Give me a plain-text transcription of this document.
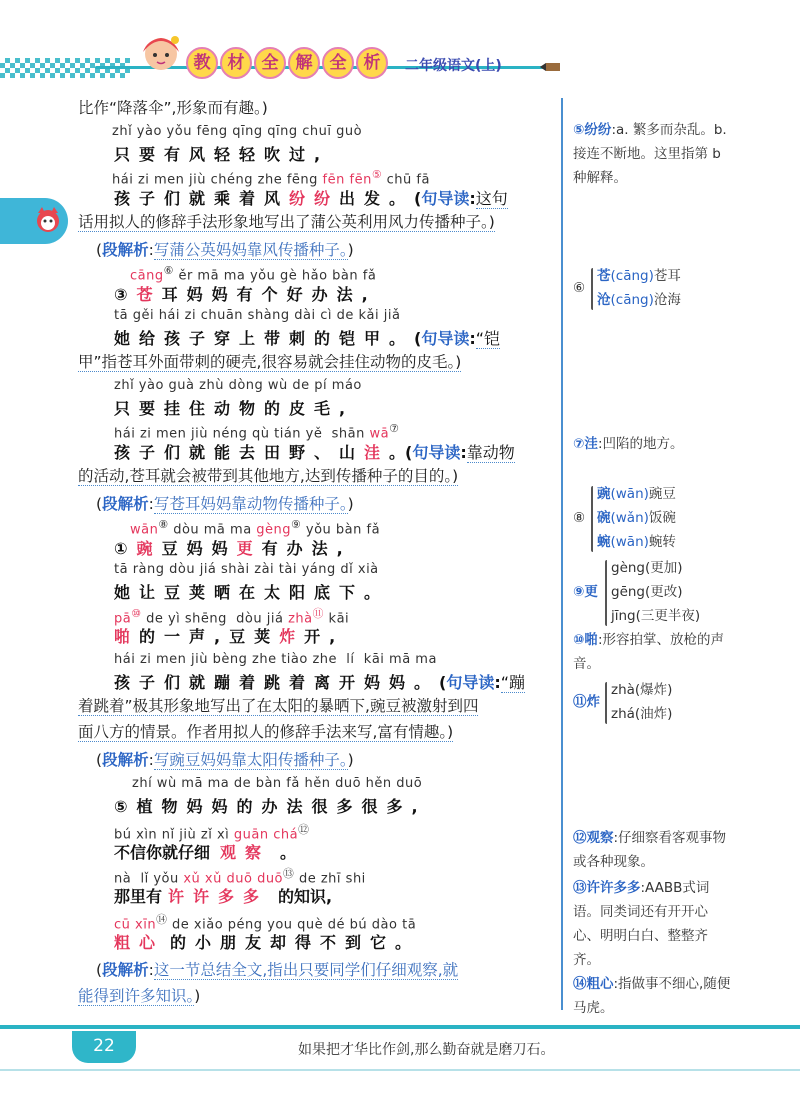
教	材	全	解	全	析	二年级语文(上)
比作“降落伞”,形象而有趣。)
zhǐ yào yǒu fēng qīng qīng chuī guò
只要有风轻轻吹过,
hái zi men jiù chéng zhe fēng fēn fēn⑤ chū fā
孩子们就乘着风纷纷出发。(句导读:这句
话用拟人的修辞手法形象地写出了蒲公英利用风力传播种子。)
(段解析:写蒲公英妈妈靠风传播种子。)
cāng⑥ ěr mā ma yǒu gè hǎo bàn fǎ
③苍耳妈妈有个好办法,
tā gěi hái zi chuān shàng dài cì de kǎi jiǎ
她给孩子穿上带刺的铠甲。(句导读:“铠
甲”指苍耳外面带刺的硬壳,很容易就会挂住动物的皮毛。)
zhǐ yào guà zhù dòng wù de pí máo
只要挂住动物的皮毛,
hái zi men jiù néng qù tián yě  shān wā⑦
孩子们就能去田野、山洼。(句导读:靠动物
的活动,苍耳就会被带到其他地方,达到传播种子的目的。)
(段解析:写苍耳妈妈靠动物传播种子。)
wān⑧ dòu mā ma gèng⑨ yǒu bàn fǎ
①豌豆妈妈更有办法,
tā ràng dòu jiá shài zài tài yáng dǐ xià
她让豆荚晒在太阳底下。
pā⑩ de yì shēng  dòu jiá zhà⑪ kāi
啪的一声,豆荚炸开,
hái zi men jiù bèng zhe tiào zhe  lí  kāi mā ma
孩子们就蹦着跳着离开妈妈。(句导读:“蹦
着跳着”极其形象地写出了在太阳的暴晒下,豌豆被激射到四
面八方的情景。作者用拟人的修辞手法来写,富有情趣。)
(段解析:写豌豆妈妈靠太阳传播种子。)
zhí wù mā ma de bàn fǎ hěn duō hěn duō
⑤植物妈妈的办法很多很多,
bú xìn nǐ jiù zǐ xì guān chá⑫
不信你就仔细 观察 。
nà  lǐ yǒu xǔ xǔ duō duō⑬ de zhī shi
那里有 许许多多 的知识,
cū xīn⑭ de xiǎo péng you què dé bú dào tā
粗心 的小朋友却得不到它。
(段解析:这一节总结全文,指出只要同学们仔细观察,就
能得到许多知识。)
⑤纷纷:a. 繁多而杂乱。b. 接连不断地。这里指第 b 种解释。
⑥
苍(cāng)苍耳
沧(cāng)沧海
⑦洼:凹陷的地方。
⑧
豌(wān)豌豆
碗(wǎn)饭碗
蜿(wān)蜿转
⑨更
gèng(更加)
gēng(更改)
jīng(三更半夜)
⑩啪:形容拍掌、放枪的声音。
⑪炸
zhà(爆炸)
zhá(油炸)
⑫观察:仔细察看客观事物或各种现象。
⑬许许多多:AABB式词语。同类词还有开开心心、明明白白、整整齐齐。
⑭粗心:指做事不细心,随便马虎。
22	如果把才华比作剑,那么勤奋就是磨刀石。
